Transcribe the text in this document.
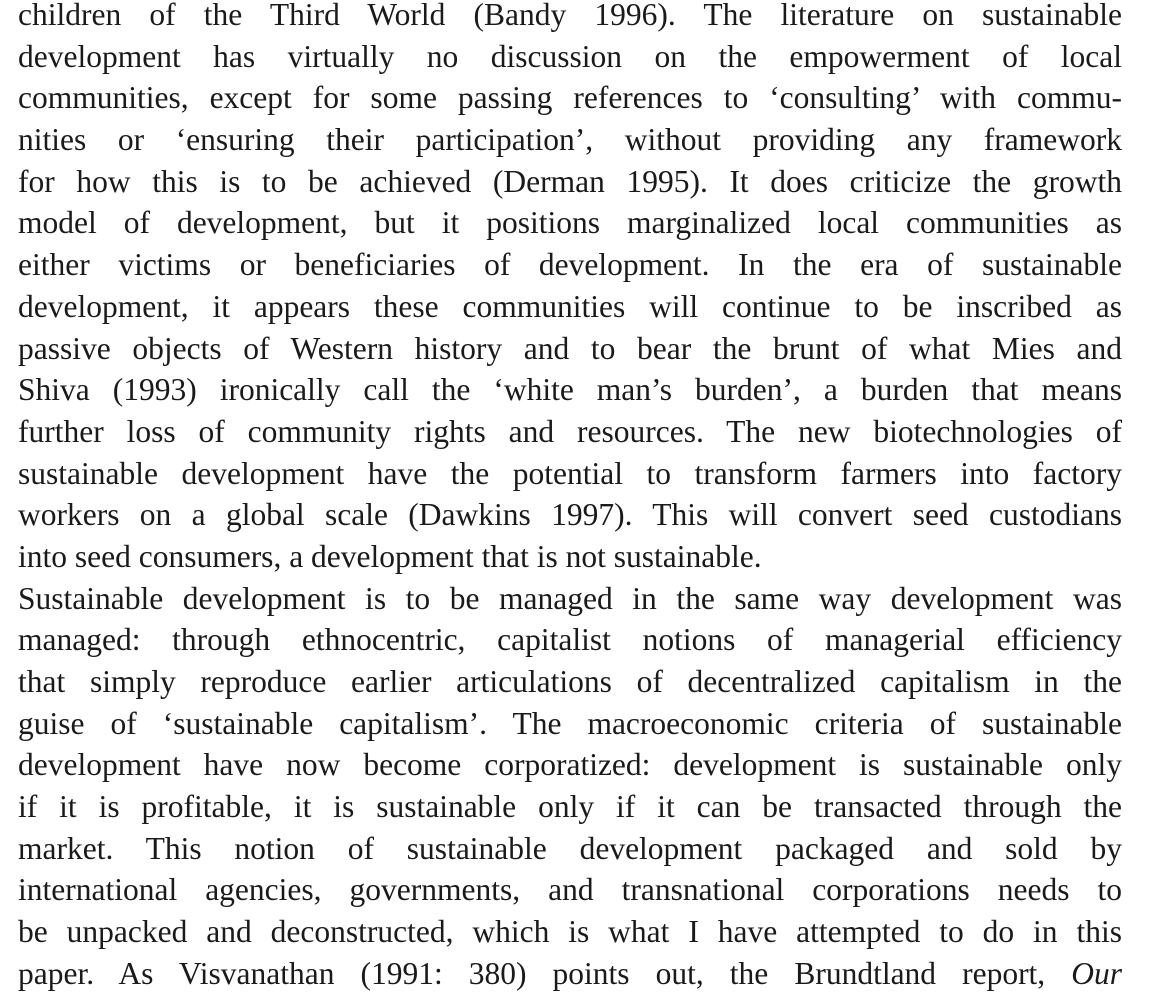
children of the Third World (Bandy 1996). The literature on sustainable
development has virtually no discussion on the empowerment of local
communities, except for some passing references to ‘consulting’ with commu-
nities or ‘ensuring their participation’, without providing any framework
for how this is to be achieved (Derman 1995). It does criticize the growth
model of development, but it positions marginalized local communities as
either victims or beneficiaries of development. In the era of sustainable
development, it appears these communities will continue to be inscribed as
passive objects of Western history and to bear the brunt of what Mies and
Shiva (1993) ironically call the ‘white man’s burden’, a burden that means
further loss of community rights and resources. The new biotechnologies of
sustainable development have the potential to transform farmers into factory
workers on a global scale (Dawkins 1997). This will convert seed custodians
into seed consumers, a development that is not sustainable.
Sustainable development is to be managed in the same way development was
managed: through ethnocentric, capitalist notions of managerial efficiency
that simply reproduce earlier articulations of decentralized capitalism in the
guise of ‘sustainable capitalism’. The macroeconomic criteria of sustainable
development have now become corporatized: development is sustainable only
if it is profitable, it is sustainable only if it can be transacted through the
market. This notion of sustainable development packaged and sold by
international agencies, governments, and transnational corporations needs to
be unpacked and deconstructed, which is what I have attempted to do in this
paper. As Visvanathan (1991: 380) points out, the Brundtland report, Our
